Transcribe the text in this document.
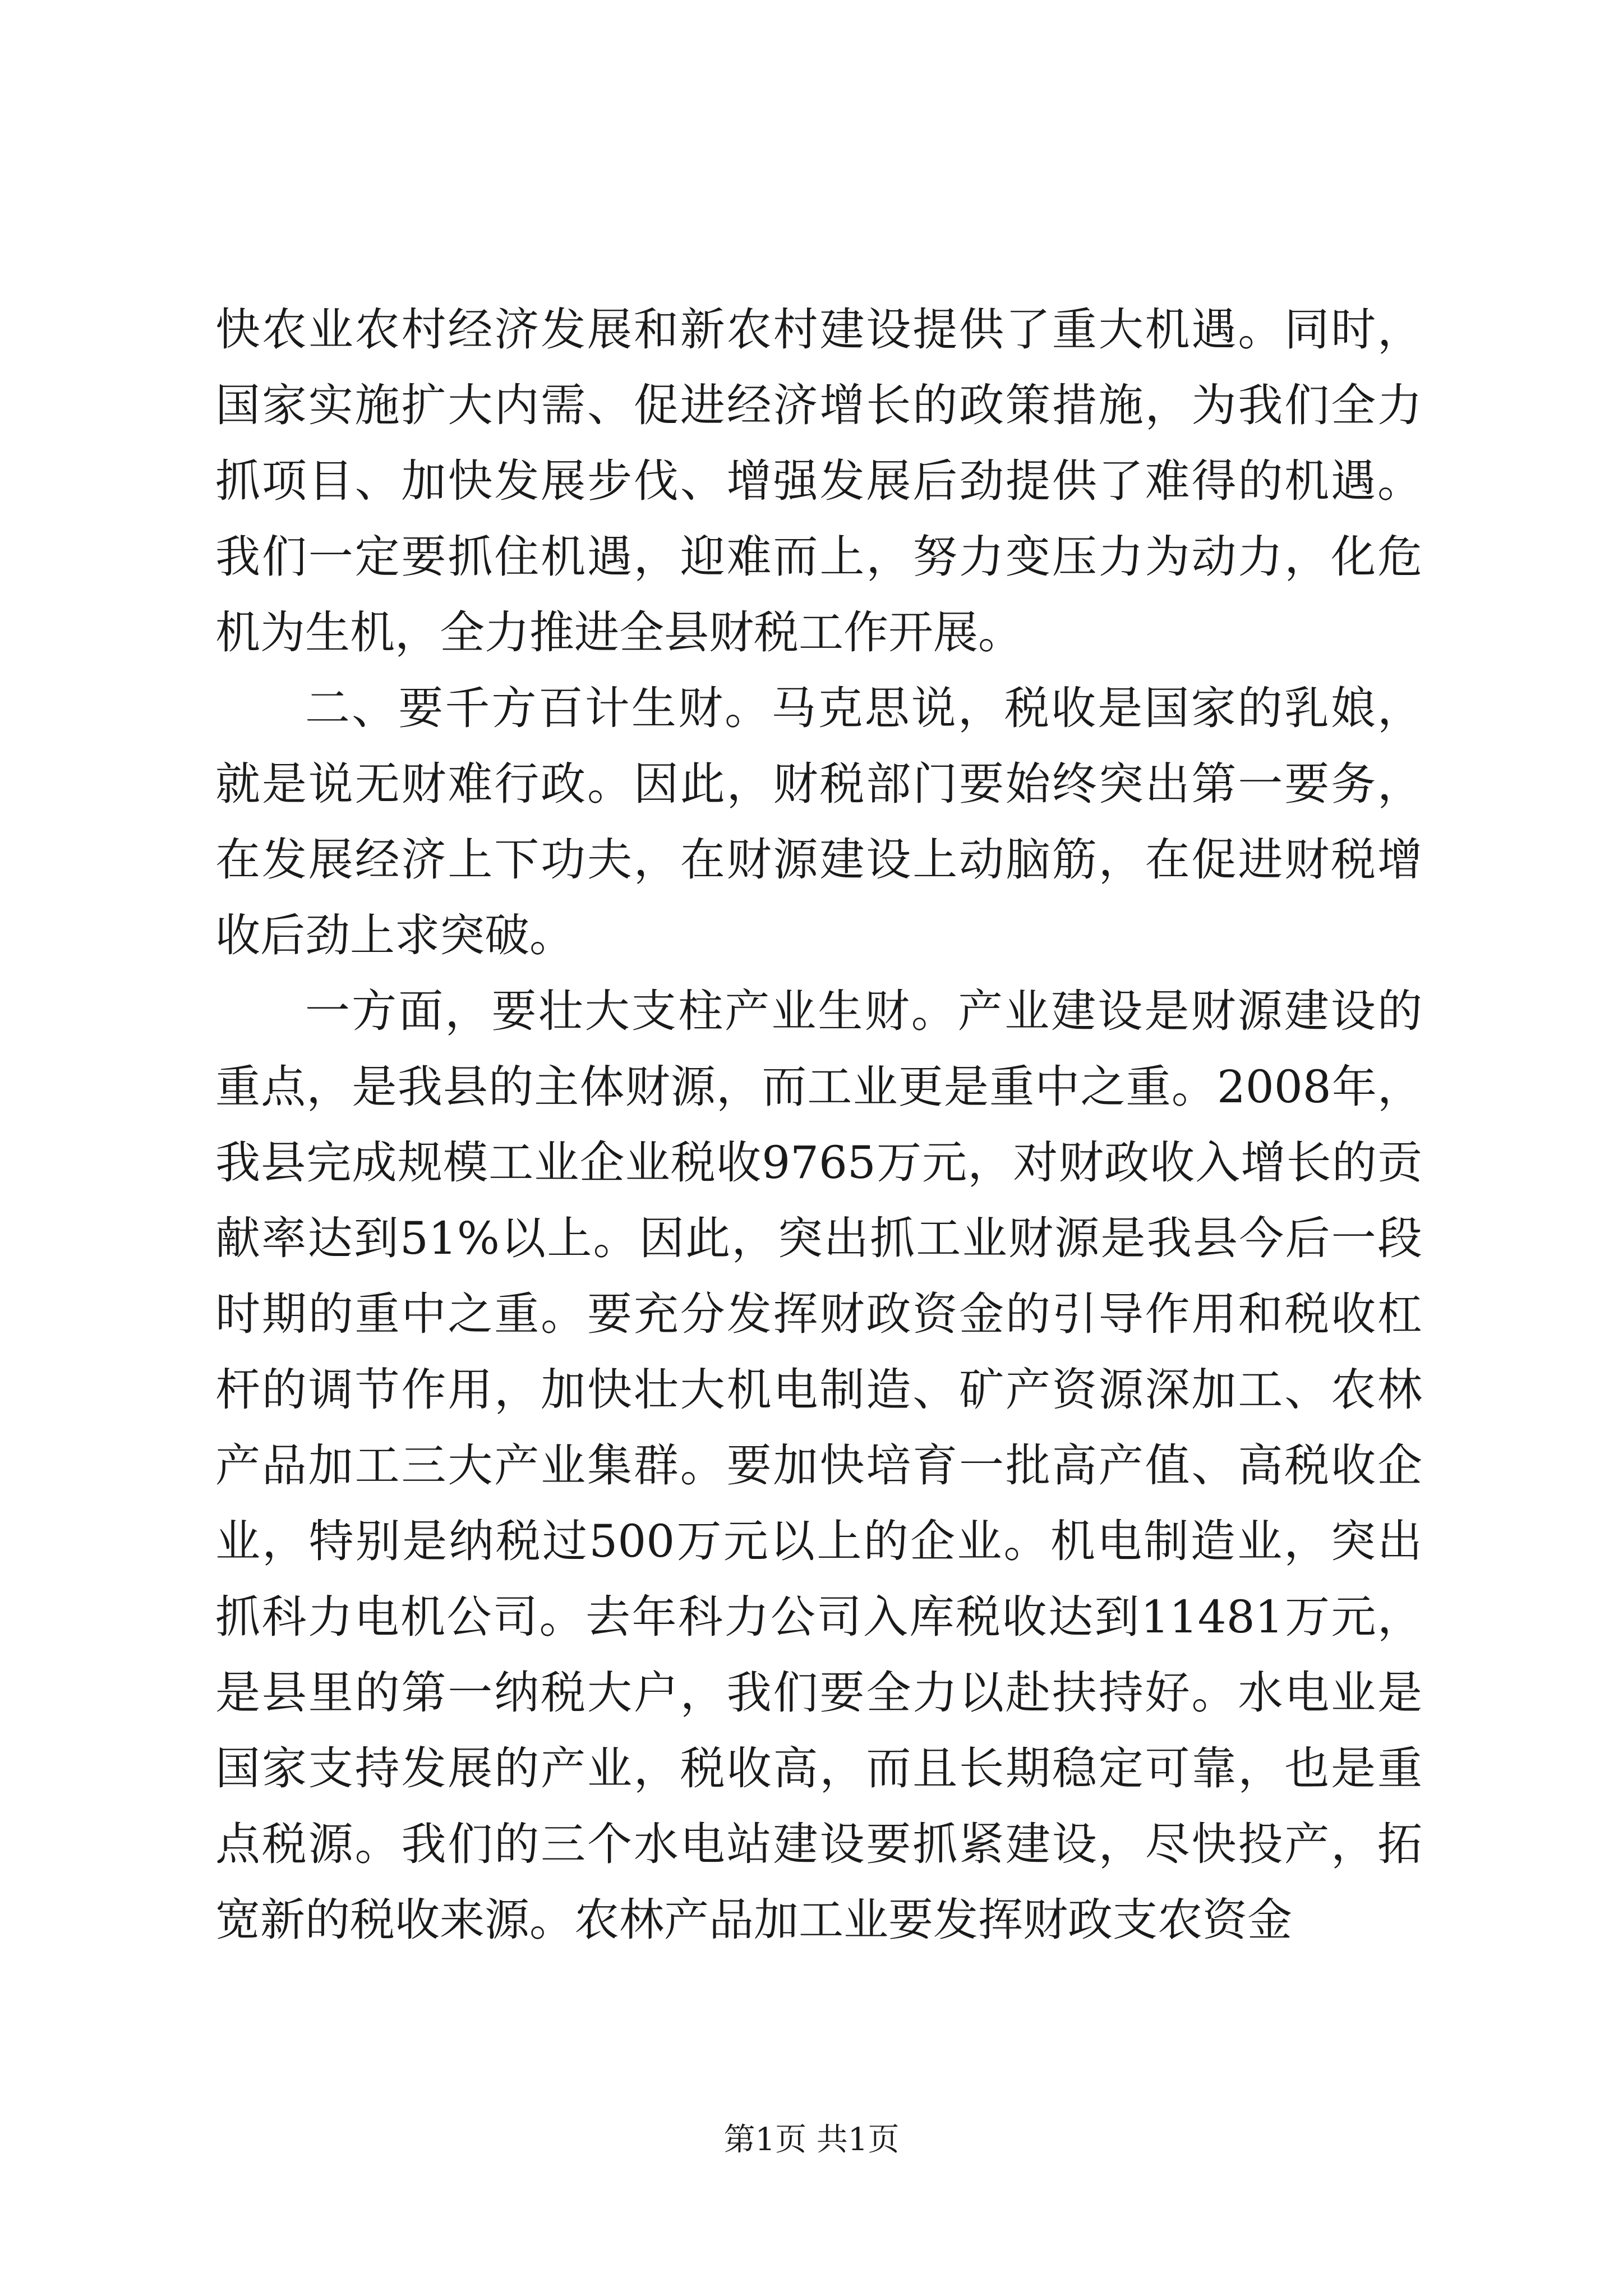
快农业农村经济发展和新农村建设提供了重大机遇。同时，国家实施扩大内需、促进经济增长的政策措施，为我们全力抓项目、加快发展步伐、增强发展后劲提供了难得的机遇。我们一定要抓住机遇，迎难而上，努力变压力为动力，化危机为生机，全力推进全县财税工作开展。

二、要千方百计生财。马克思说，税收是国家的乳娘，就是说无财难行政。因此，财税部门要始终突出第一要务，在发展经济上下功夫，在财源建设上动脑筋，在促进财税增收后劲上求突破。

一方面，要壮大支柱产业生财。产业建设是财源建设的重点，是我县的主体财源，而工业更是重中之重。2008年，我县完成规模工业企业税收9765万元，对财政收入增长的贡献率达到51%以上。因此，突出抓工业财源是我县今后一段时期的重中之重。要充分发挥财政资金的引导作用和税收杠杆的调节作用，加快壮大机电制造、矿产资源深加工、农林产品加工三大产业集群。要加快培育一批高产值、高税收企业，特别是纳税过500万元以上的企业。机电制造业，突出抓科力电机公司。去年科力公司入库税收达到11481万元，是县里的第一纳税大户，我们要全力以赴扶持好。水电业是国家支持发展的产业，税收高，而且长期稳定可靠，也是重点税源。我们的三个水电站建设要抓紧建设，尽快投产，拓宽新的税收来源。农林产品加工业要发挥财政支农资金

第1页 共1页
